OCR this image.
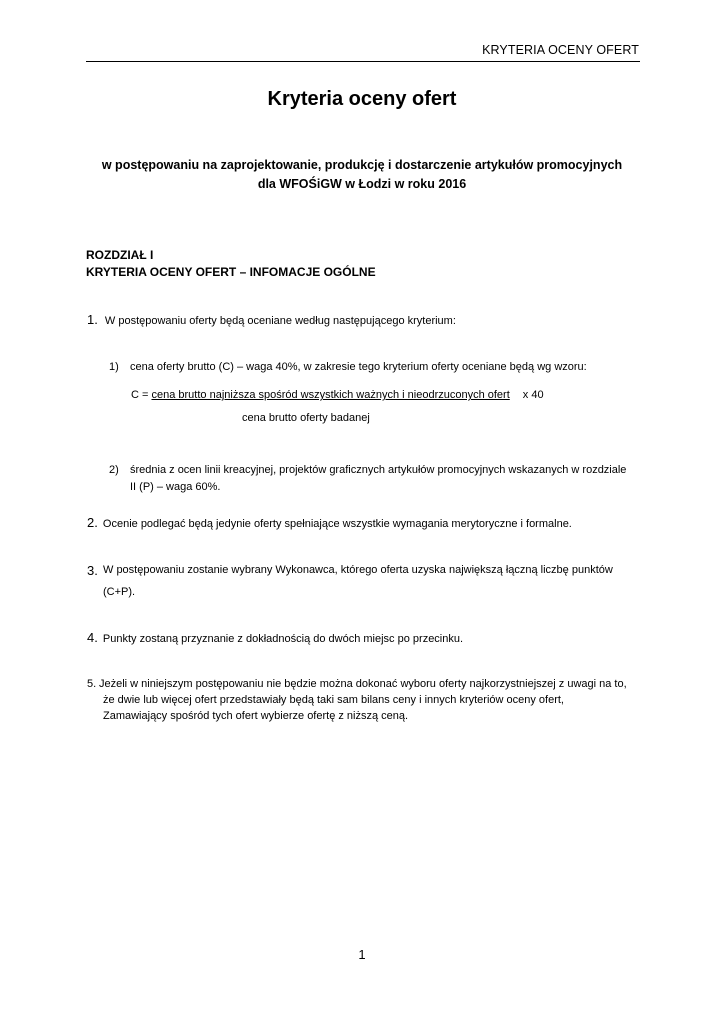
KRYTERIA OCENY OFERT
Kryteria oceny ofert
w postępowaniu na zaprojektowanie, produkcję i dostarczenie artykułów promocyjnych
dla WFOŚiGW w Łodzi w roku 2016
ROZDZIAŁ I
KRYTERIA OCENY OFERT – INFOMACJE OGÓLNE
1. W postępowaniu oferty będą oceniane według następującego kryterium:
1) cena oferty brutto (C) – waga 40%, w zakresie tego kryterium oferty oceniane będą wg wzoru:
C = cena brutto najniższa spośród wszystkich ważnych i nieodrzuconych ofert x 40
cena brutto oferty badanej
2) średnia z ocen linii kreacyjnej, projektów graficznych artykułów promocyjnych wskazanych w rozdziale
II (P) – waga 60%.
2. Ocenie podlegać będą jedynie oferty spełniające wszystkie wymagania merytoryczne i formalne.
3. W postępowaniu zostanie wybrany Wykonawca, którego oferta uzyska największą łączną liczbę punktów
(C+P).
4. Punkty zostaną przyznanie z dokładnością do dwóch miejsc po przecinku.
5. Jeżeli w niniejszym postępowaniu nie będzie można dokonać wyboru oferty najkorzystniejszej z uwagi na to,
że dwie lub więcej ofert przedstawiały będą taki sam bilans ceny i innych kryteriów oceny ofert,
Zamawiający spośród tych ofert wybierze ofertę z niższą ceną.
1
